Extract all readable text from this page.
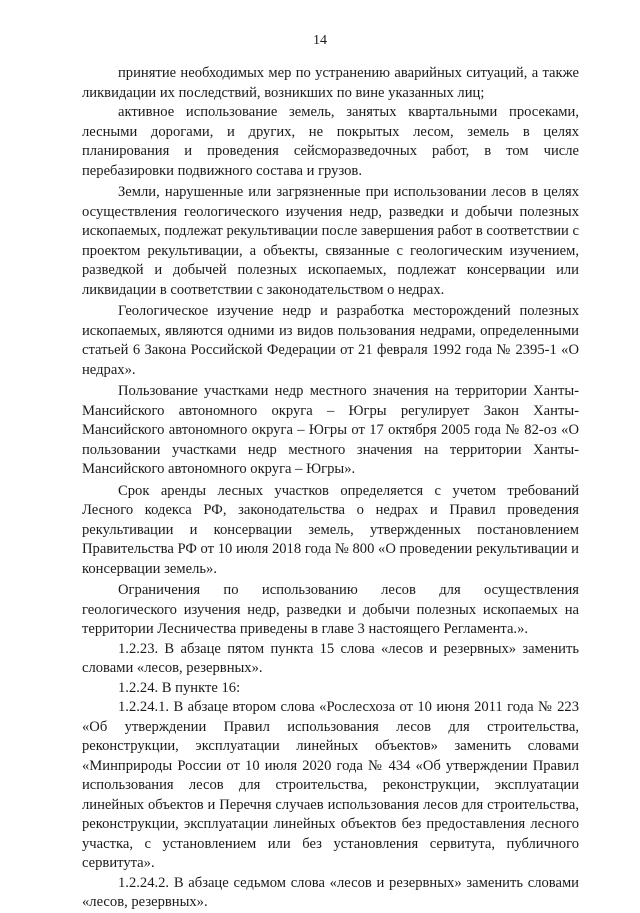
14

принятие необходимых мер по устранению аварийных ситуаций, а также ликвидации их последствий, возникших по вине указанных лиц;

активное использование земель, занятых квартальными просеками, лесными дорогами, и других, не покрытых лесом, земель в целях планирования и проведения сейсморазведочных работ, в том числе перебазировки подвижного состава и грузов.

Земли, нарушенные или загрязненные при использовании лесов в целях осуществления геологического изучения недр, разведки и добычи полезных ископаемых, подлежат рекультивации после завершения работ в соответствии с проектом рекультивации, а объекты, связанные с геологическим изучением, разведкой и добычей полезных ископаемых, подлежат консервации или ликвидации в соответствии с законодательством о недрах.

Геологическое изучение недр и разработка месторождений полезных ископаемых, являются одними из видов пользования недрами, определенными статьей 6 Закона Российской Федерации от 21 февраля 1992 года № 2395-1 «О недрах».

Пользование участками недр местного значения на территории Ханты-Мансийского автономного округа – Югры регулирует Закон Ханты-Мансийского автономного округа – Югры от 17 октября 2005 года № 82-оз «О пользовании участками недр местного значения на территории Ханты-Мансийского автономного округа – Югры».

Срок аренды лесных участков определяется с учетом требований Лесного кодекса РФ, законодательства о недрах и Правил проведения рекультивации и консервации земель, утвержденных постановлением Правительства РФ от 10 июля 2018 года № 800 «О проведении рекультивации и консервации земель».

Ограничения по использованию лесов для осуществления геологического изучения недр, разведки и добычи полезных ископаемых на территории Лесничества приведены в главе 3 настоящего Регламента.».

1.2.23. В абзаце пятом пункта 15 слова «лесов и резервных» заменить словами «лесов, резервных».

1.2.24. В пункте 16:

1.2.24.1. В абзаце втором слова «Рослесхоза от 10 июня 2011 года № 223 «Об утверждении Правил использования лесов для строительства, реконструкции, эксплуатации линейных объектов» заменить словами «Минприроды России от 10 июля 2020 года № 434 «Об утверждении Правил использования лесов для строительства, реконструкции, эксплуатации линейных объектов и Перечня случаев использования лесов для строительства, реконструкции, эксплуатации линейных объектов без предоставления лесного участка, с установлением или без установления сервитута, публичного сервитута».

1.2.24.2. В абзаце седьмом слова «лесов и резервных» заменить словами «лесов, резервных».
